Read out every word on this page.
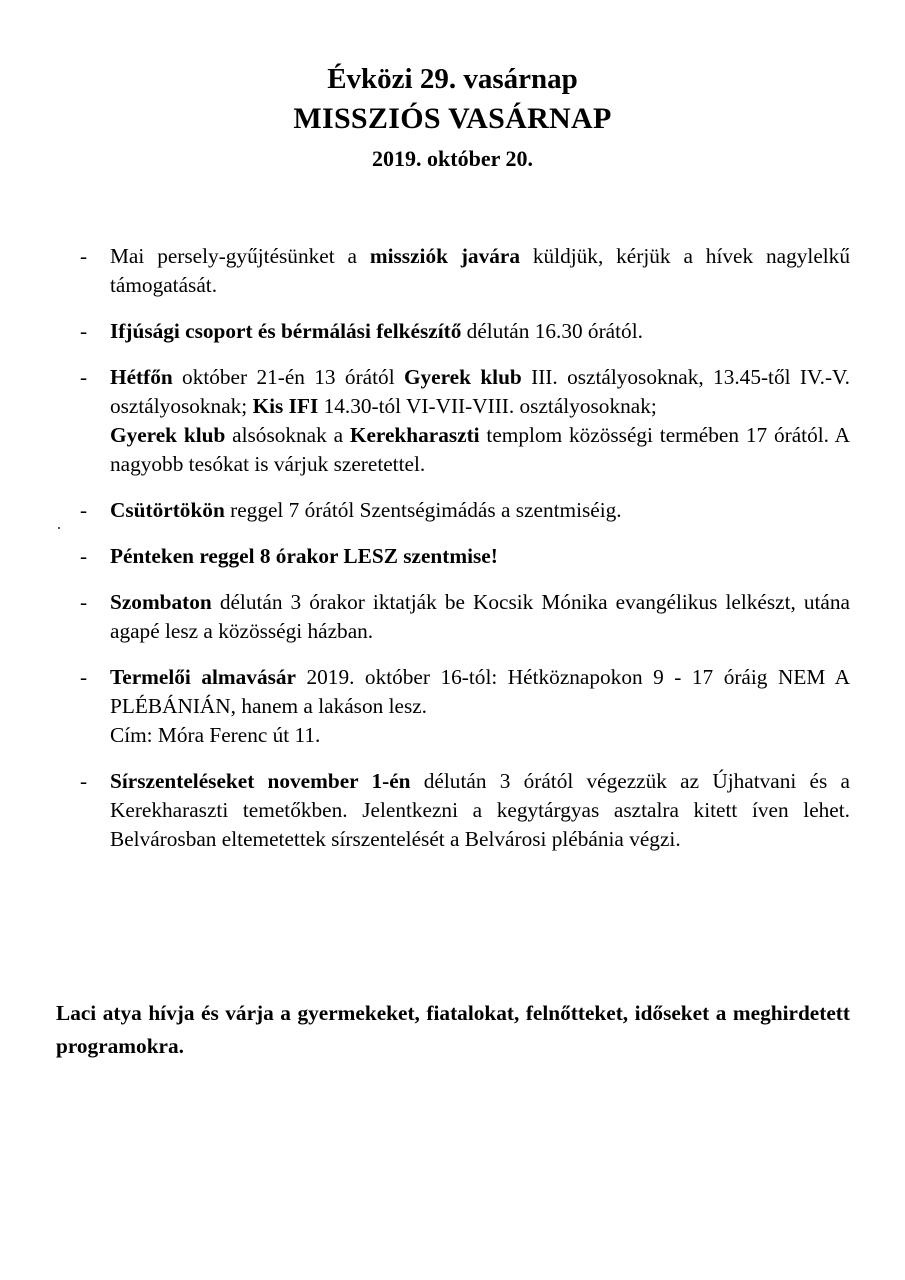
Évközi 29. vasárnap
MISSZIÓS VASÁRNAP
2019. október 20.
-	Mai persely-gyűjtésünket a missziók javára küldjük, kérjük a hívek nagylelkű támogatását.
-	Ifjúsági csoport és bérmálási felkészítő délután 16.30 órától.
-	Hétfőn október 21-én 13 órától Gyerek klub III. osztályosoknak, 13.45-től IV.-V. osztályosoknak; Kis IFI 14.30-tól VI-VII-VIII. osztályosoknak;
Gyerek klub alsósoknak a Kerekharaszti templom közösségi termében 17 órától. A nagyobb tesókat is várjuk szeretettel.
-	Csütörtökön reggel 7 órától Szentségimádás a szentmiséig.
-	Pénteken reggel 8 órakor LESZ szentmise!
-	Szombaton délután 3 órakor iktatják be Kocsik Mónika evangélikus lelkészt, utána agapé lesz a közösségi házban.
-	Termelői almavásár 2019. október 16-tól: Hétköznapokon 9 - 17 óráig NEM A PLÉBÁNIÁN, hanem a lakáson lesz.
Cím: Móra Ferenc út 11.
-	Sírszenteléseket november 1-én délután 3 órától végezzük az Újhatvani és a Kerekharaszti temetőkben. Jelentkezni a kegytárgyas asztalra kitett íven lehet. Belvárosban eltemetettek sírszentelését a Belvárosi plébánia végzi.
Laci atya hívja és várja a gyermekeket, fiatalokat, felnőtteket, időseket a meghirdetett programokra.
